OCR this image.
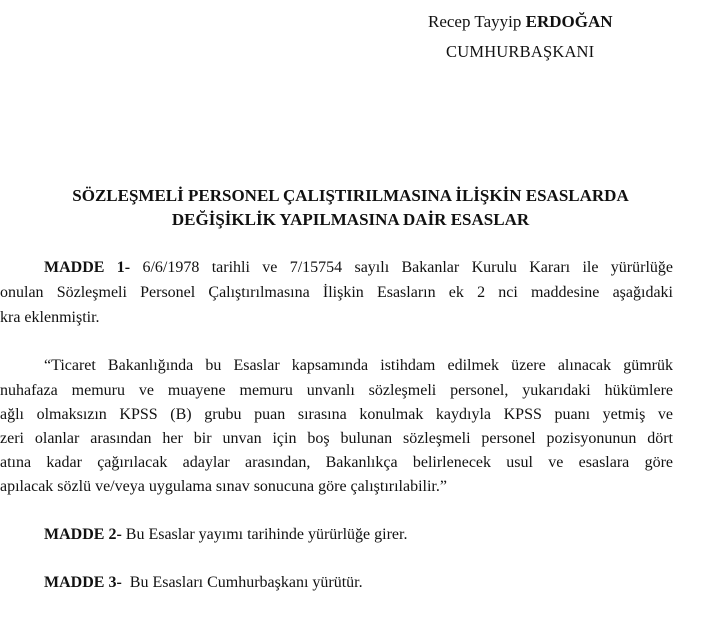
Recep Tayyip ERDOĞAN
CUMHURBAŞKANI
SÖZLEŞMELİ PERSONEL ÇALIŞTIRILMASINA İLİŞKİN ESASLARDA
DEĞİŞİKLİK YAPILMASINA DAİR ESASLAR
MADDE 1- 6/6/1978 tarihli ve 7/15754 sayılı Bakanlar Kurulu Kararı ile yürürlüğe
onulan Sözleşmeli Personel Çalıştırılmasına İlişkin Esasların ek 2 nci maddesine aşağıdaki
kra eklenmiştir.
“Ticaret Bakanlığında bu Esaslar kapsamında istihdam edilmek üzere alınacak gümrük
nuhafaza memuru ve muayene memuru unvanlı sözleşmeli personel, yukarıdaki hükümlere
ağlı olmaksızın KPSS (B) grubu puan sırasına konulmak kaydıyla KPSS puanı yetmiş ve
zeri olanlar arasından her bir unvan için boş bulunan sözleşmeli personel pozisyonunun dört
atına kadar çağırılacak adaylar arasından, Bakanlıkça belirlenecek usul ve esaslara göre
apılacak sözlü ve/veya uygulama sınav sonucuna göre çalıştırılabilir.”
MADDE 2- Bu Esaslar yayımı tarihinde yürürlüğe girer.
MADDE 3-  Bu Esasları Cumhurbaşkanı yürütür.
